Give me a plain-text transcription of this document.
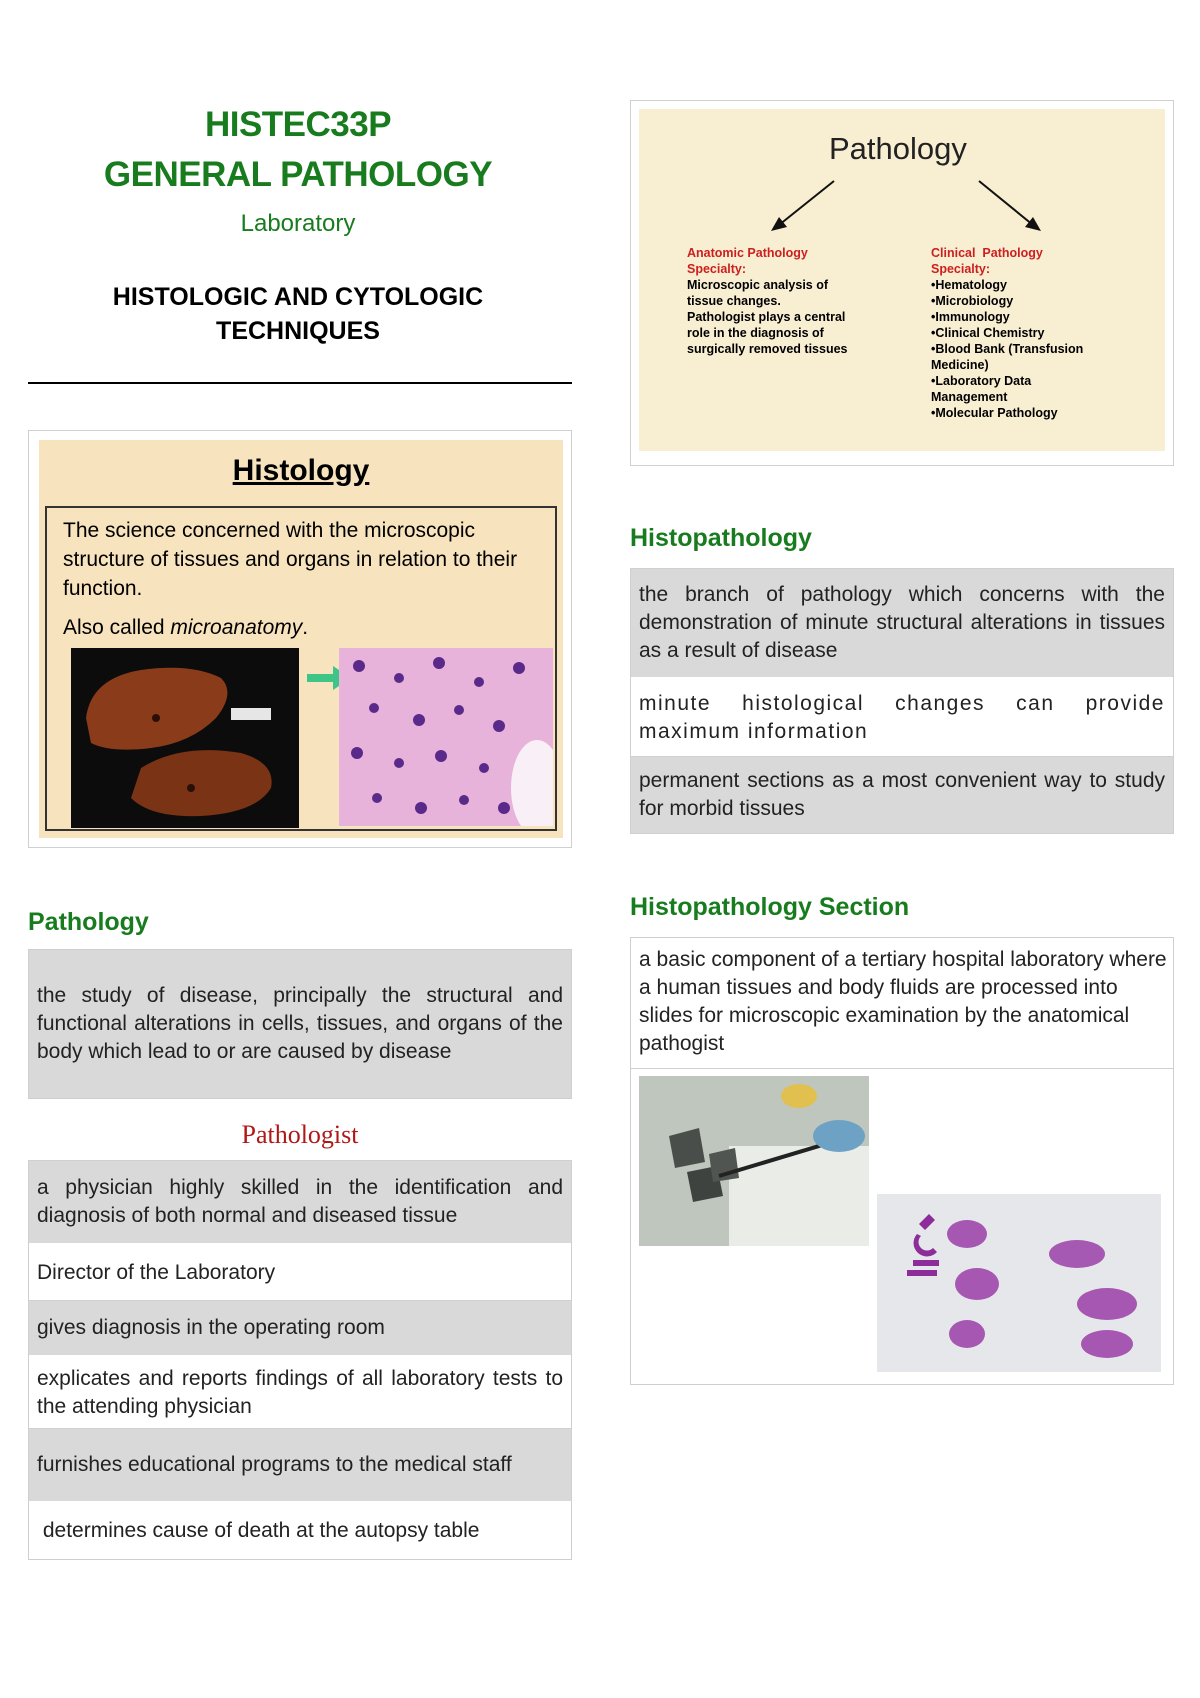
HISTEC33P
GENERAL PATHOLOGY
Laboratory
HISTOLOGIC AND CYTOLOGIC
TECHNIQUES
Histology
The science concerned with the microscopic structure of tissues and organs in relation to their function.
Also called microanatomy.
Pathology
Anatomic Pathology
Specialty:
Microscopic analysis of
tissue changes.
Pathologist plays a central
role in the diagnosis of
surgically removed tissues
Clinical  Pathology
Specialty:
•Hematology
•Microbiology
•Immunology
•Clinical Chemistry
•Blood Bank (Transfusion
Medicine)
•Laboratory Data
Management
•Molecular Pathology
Histopathology
the branch of pathology which concerns with the demonstration of minute structural alterations in tissues as a result of disease
minute histological changes can provide maximum information
permanent sections as a most convenient way to study for morbid tissues
Histopathology Section
a basic component of a tertiary hospital laboratory where a human tissues and body fluids are processed into slides for microscopic examination by the anatomical pathogist
Pathology
the study of disease, principally the structural and functional alterations in cells, tissues, and organs of the body which lead to or are caused by disease
Pathologist
a physician highly skilled in the identification and diagnosis of both normal and diseased tissue
Director of the Laboratory
gives diagnosis in the operating room
explicates and reports findings of all laboratory tests to the attending physician
furnishes educational programs to the medical staff
determines cause of death at the autopsy table
